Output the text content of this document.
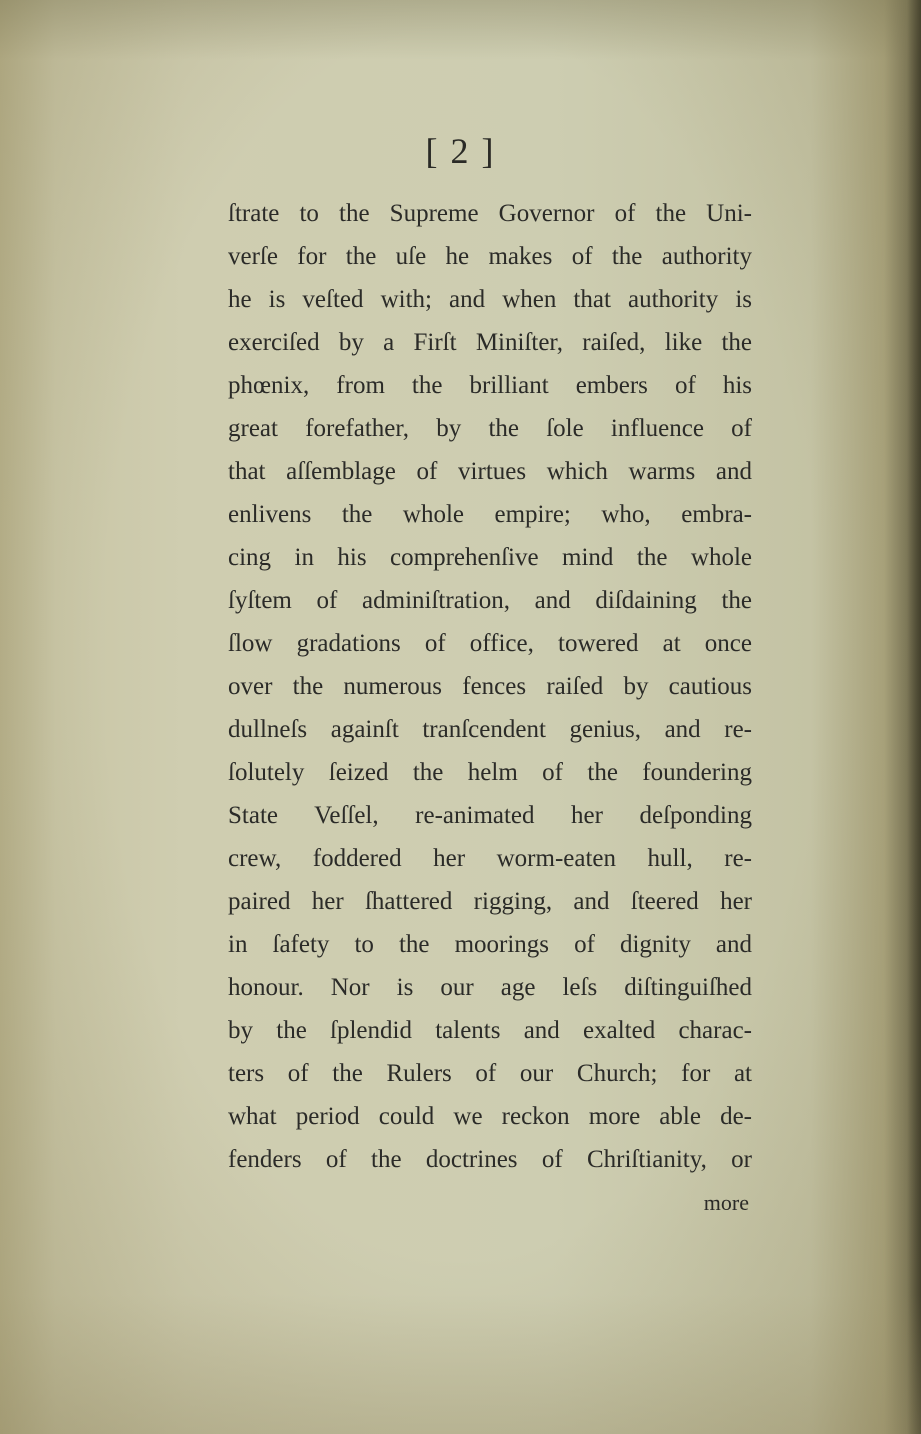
[ 2 ]
ſtrate to the Supreme Governor of the Uni-
verſe for the uſe he makes of the authority
he is veſted with; and when that authority is
exerciſed by a Firſt Miniſter, raiſed, like the
phœnix, from the brilliant embers of his
great forefather, by the ſole influence of
that aſſemblage of virtues which warms and
enlivens the whole empire; who, embra-
cing in his comprehenſive mind the whole
ſyſtem of adminiſtration, and diſdaining the
ſlow gradations of office, towered at once
over the numerous fences raiſed by cautious
dullneſs againſt tranſcendent genius, and re-
ſolutely ſeized the helm of the foundering
State Veſſel, re-animated her deſponding
crew, foddered her worm-eaten hull, re-
paired her ſhattered rigging, and ſteered her
in ſafety to the moorings of dignity and
honour. Nor is our age leſs diſtinguiſhed
by the ſplendid talents and exalted charac-
ters of the Rulers of our Church; for at
what period could we reckon more able de-
fenders of the doctrines of Chriſtianity, or
more
